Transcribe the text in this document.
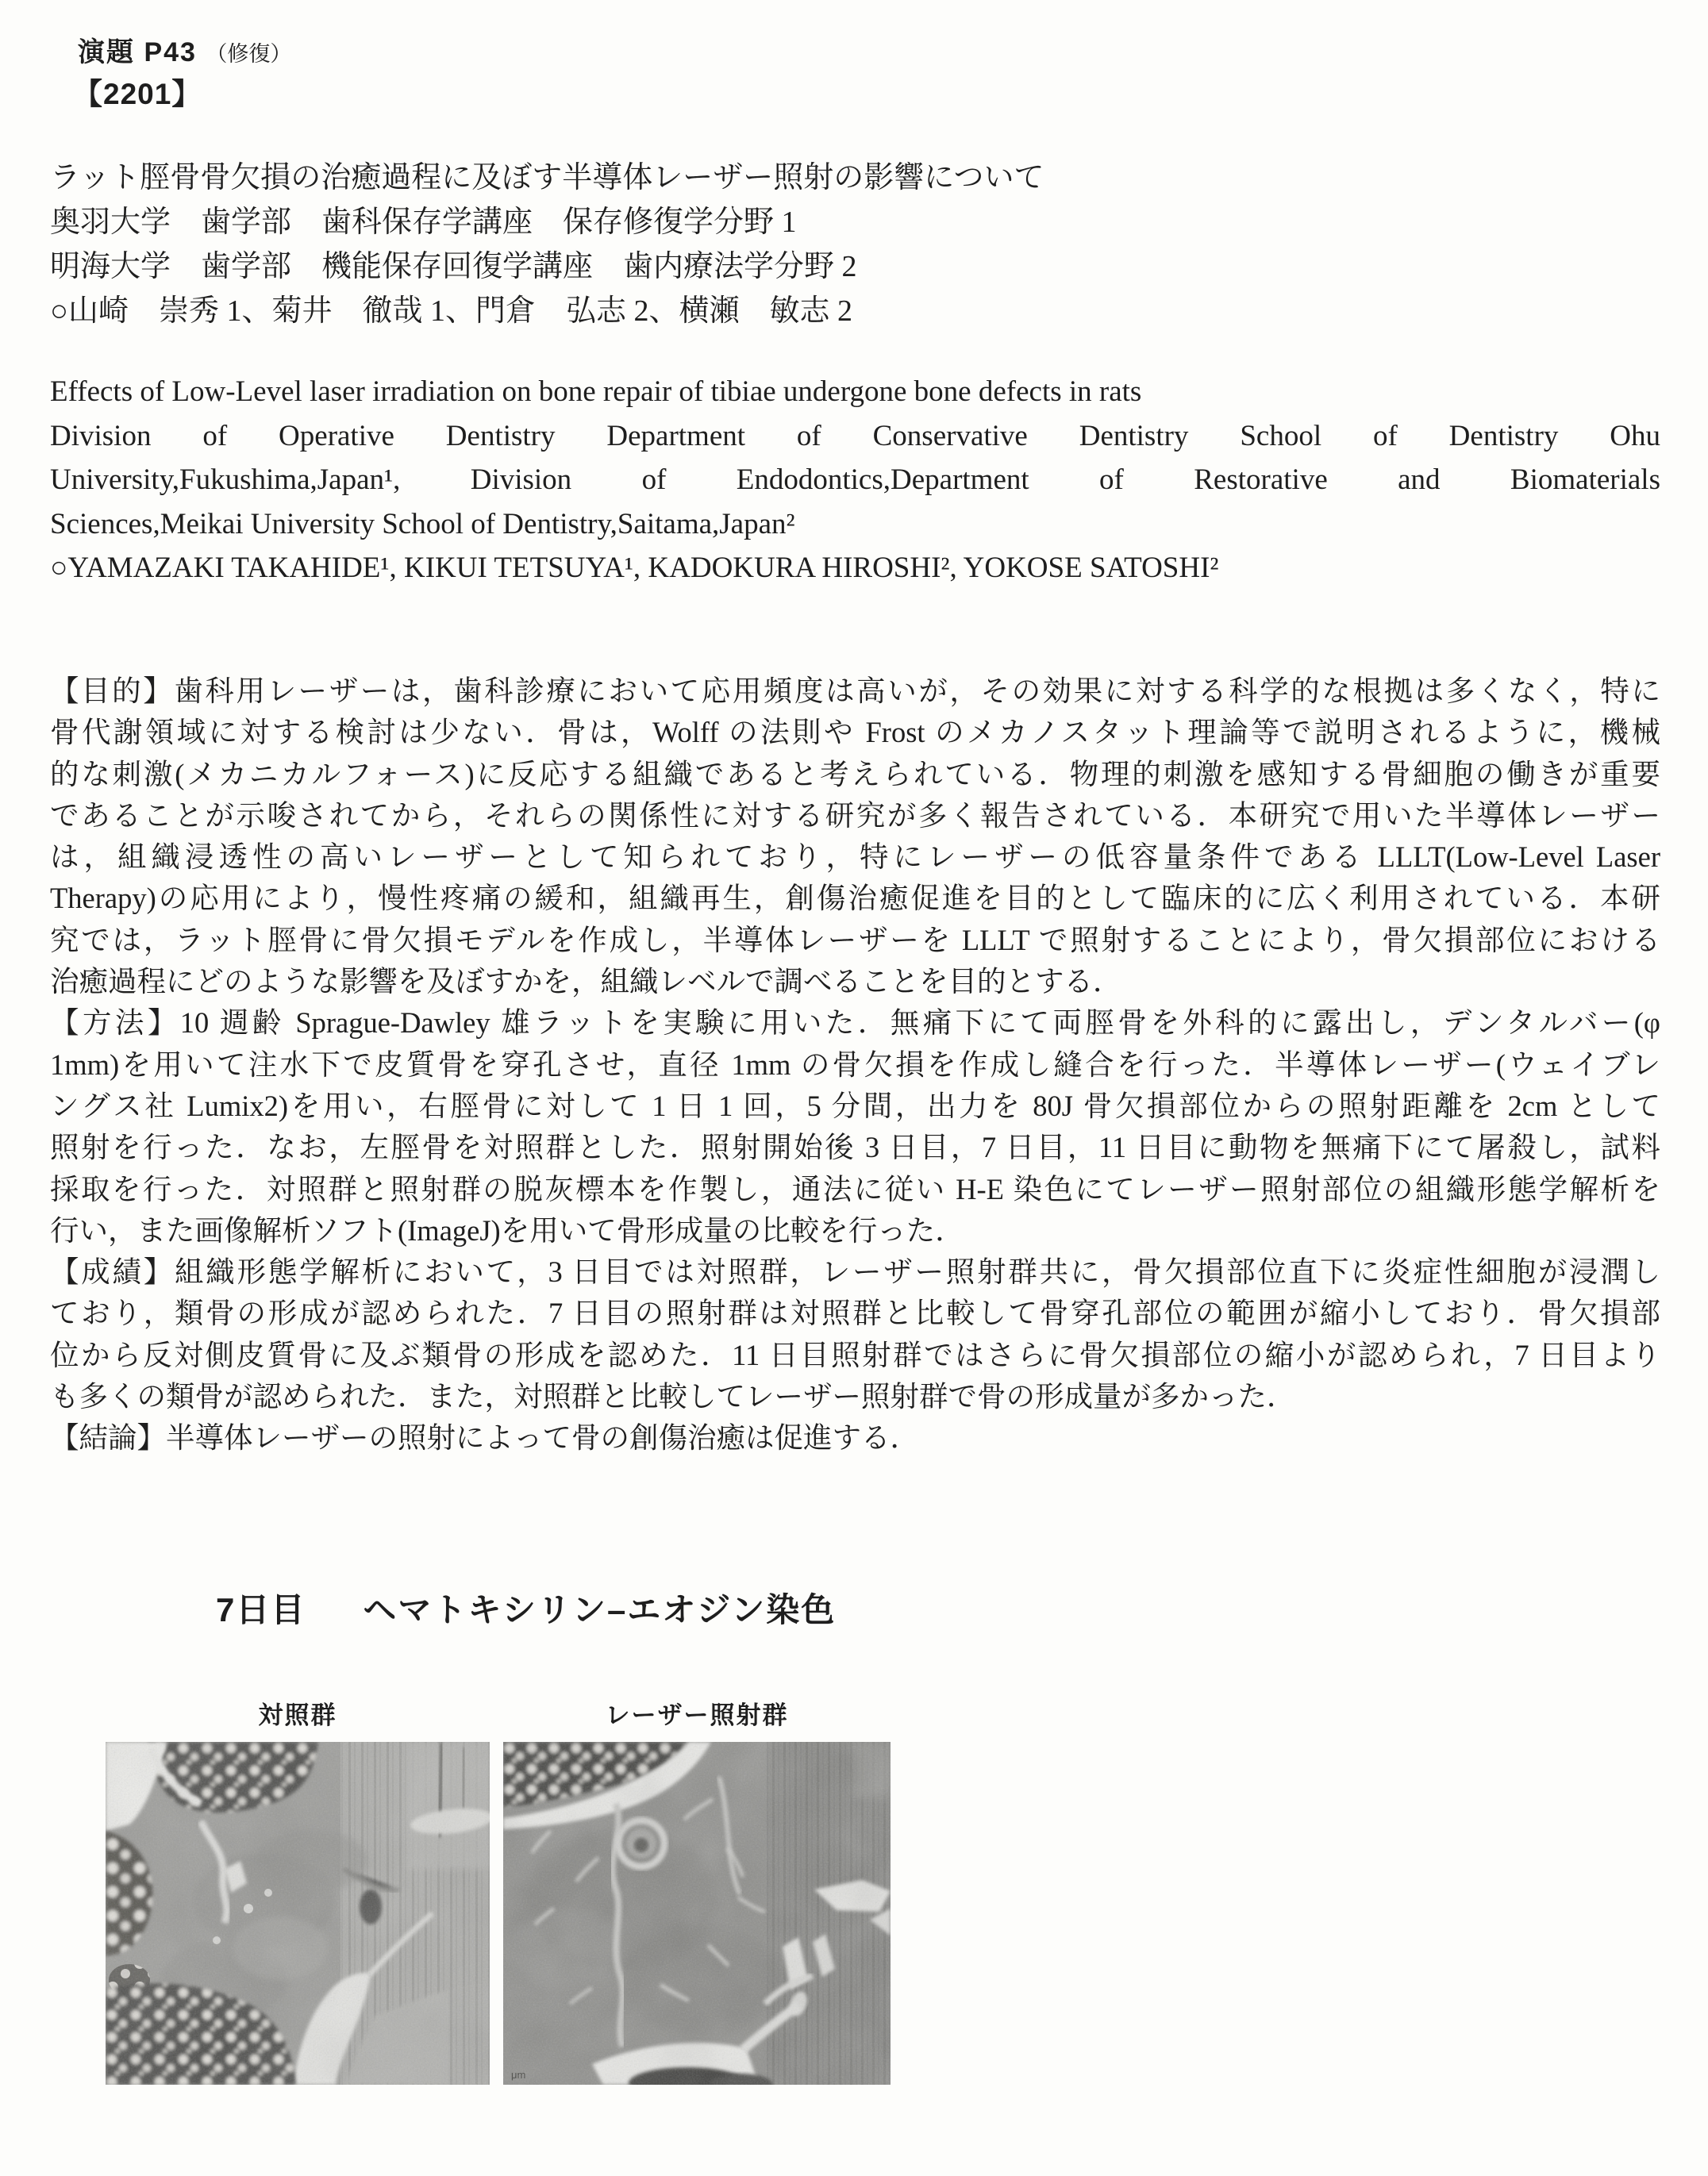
演題 P43 （修復）
【2201】
ラット脛骨骨欠損の治癒過程に及ぼす半導体レーザー照射の影響について
奥羽大学　歯学部　歯科保存学講座　保存修復学分野 1
明海大学　歯学部　機能保存回復学講座　歯内療法学分野 2
○山崎　崇秀 1、菊井　徹哉 1、門倉　弘志 2、横瀬　敏志 2
Effects of Low-Level laser irradiation on bone repair of tibiae undergone bone defects in rats
Division of Operative Dentistry Department of Conservative Dentistry School of Dentistry Ohu
University,Fukushima,Japan¹, Division of Endodontics,Department of Restorative and Biomaterials
Sciences,Meikai University School of Dentistry,Saitama,Japan²
○YAMAZAKI TAKAHIDE¹, KIKUI TETSUYA¹, KADOKURA HIROSHI², YOKOSE SATOSHI²
【目的】歯科用レーザーは，歯科診療において応用頻度は高いが，その効果に対する科学的な根拠は多くなく，特に
骨代謝領域に対する検討は少ない．骨は，Wolff の法則や Frost のメカノスタット理論等で説明されるように，機械
的な刺激(メカニカルフォース)に反応する組織であると考えられている．物理的刺激を感知する骨細胞の働きが重要
であることが示唆されてから，それらの関係性に対する研究が多く報告されている．本研究で用いた半導体レーザー
は，組織浸透性の高いレーザーとして知られており，特にレーザーの低容量条件である LLLT(Low-Level Laser
Therapy)の応用により，慢性疼痛の緩和，組織再生，創傷治癒促進を目的として臨床的に広く利用されている．本研
究では，ラット脛骨に骨欠損モデルを作成し，半導体レーザーを LLLT で照射することにより，骨欠損部位における
治癒過程にどのような影響を及ぼすかを，組織レベルで調べることを目的とする．
【方法】10 週齢 Sprague-Dawley 雄ラットを実験に用いた．無痛下にて両脛骨を外科的に露出し，デンタルバー(φ
1mm)を用いて注水下で皮質骨を穿孔させ，直径 1mm の骨欠損を作成し縫合を行った．半導体レーザー(ウェイブレ
ングス社 Lumix2)を用い，右脛骨に対して 1 日 1 回，5 分間，出力を 80J 骨欠損部位からの照射距離を 2cm として
照射を行った．なお，左脛骨を対照群とした．照射開始後 3 日目，7 日目，11 日目に動物を無痛下にて屠殺し，試料
採取を行った．対照群と照射群の脱灰標本を作製し，通法に従い H-E 染色にてレーザー照射部位の組織形態学解析を
行い，また画像解析ソフト(ImageJ)を用いて骨形成量の比較を行った．
【成績】組織形態学解析において，3 日目では対照群，レーザー照射群共に，骨欠損部位直下に炎症性細胞が浸潤し
ており，類骨の形成が認められた．7 日目の照射群は対照群と比較して骨穿孔部位の範囲が縮小しており．骨欠損部
位から反対側皮質骨に及ぶ類骨の形成を認めた．11 日目照射群ではさらに骨欠損部位の縮小が認められ，7 日目より
も多くの類骨が認められた．また，対照群と比較してレーザー照射群で骨の形成量が多かった．
【結論】半導体レーザーの照射によって骨の創傷治癒は促進する．
7日目 ヘマトキシリン–エオジン染色
対照群	レーザー照射群
